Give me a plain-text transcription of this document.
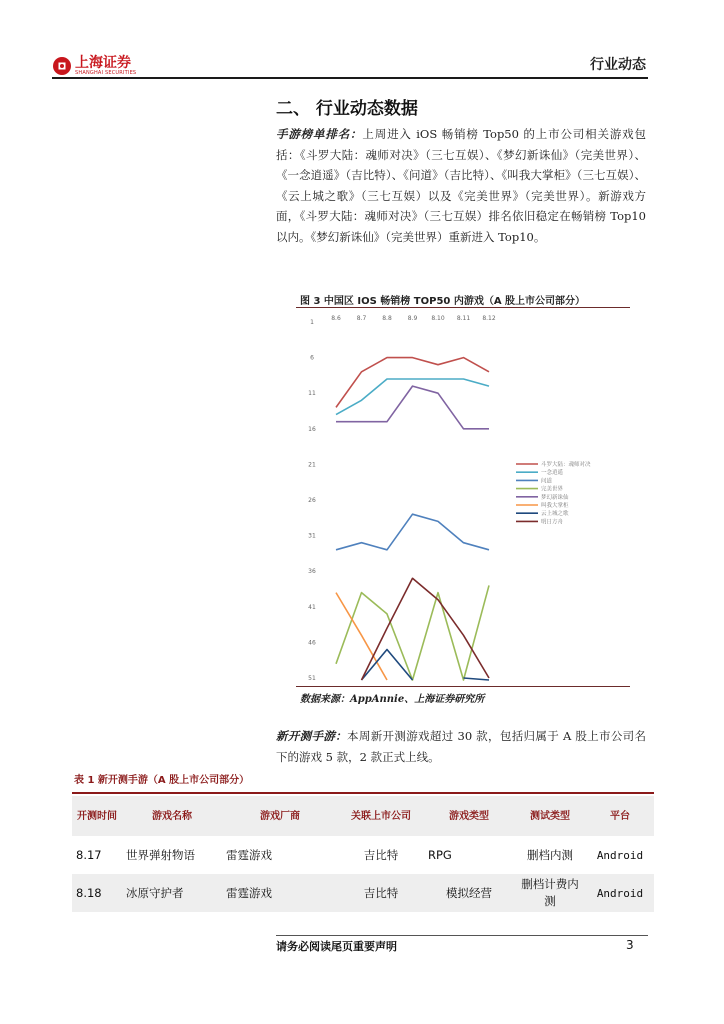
上海证券
SHANGHAI SECURITIES	行业动态
二、 行业动态数据
手游榜单排名：上周进入 iOS 畅销榜 Top50 的上市公司相关游戏包括：《斗罗大陆：魂师对决》（三七互娱）、《梦幻新诛仙》（完美世界）、《一念逍遥》（吉比特）、《问道》（吉比特）、《叫我大掌柜》（三七互娱）、《云上城之歌》（三七互娱）以及《完美世界》（完美世界）。新游戏方面，《斗罗大陆：魂师对决》（三七互娱）排名依旧稳定在畅销榜 Top10 以内。《梦幻新诛仙》（完美世界）重新进入 Top10。
图 3 中国区 IOS 畅销榜 TOP50 内游戏（A 股上市公司部分）
8.6	8.7	8.8	8.9 8.10 8.11 8.12
1
6
11
16
21
26
31
36
41
46
51
斗罗大陆：魂师对决
一念逍遥
问道
完美世界
梦幻新诛仙
叫我大掌柜
云上城之歌
明日方舟
数据来源：AppAnnie、上海证券研究所
新开测手游：本周新开测游戏超过 30 款，包括归属于 A 股上市公司名下的游戏 5 款，2 款正式上线。
表 1 新开测手游（A 股上市公司部分）
开测时间	游戏名称	游戏厂商	关联上市公司	游戏类型	测试类型	平台
8.17	世界弹射物语	雷霆游戏	吉比特	RPG	删档内测	Android
8.18	冰原守护者	雷霆游戏	吉比特	模拟经营	删档计费内测	Android
请务必阅读尾页重要声明	3
